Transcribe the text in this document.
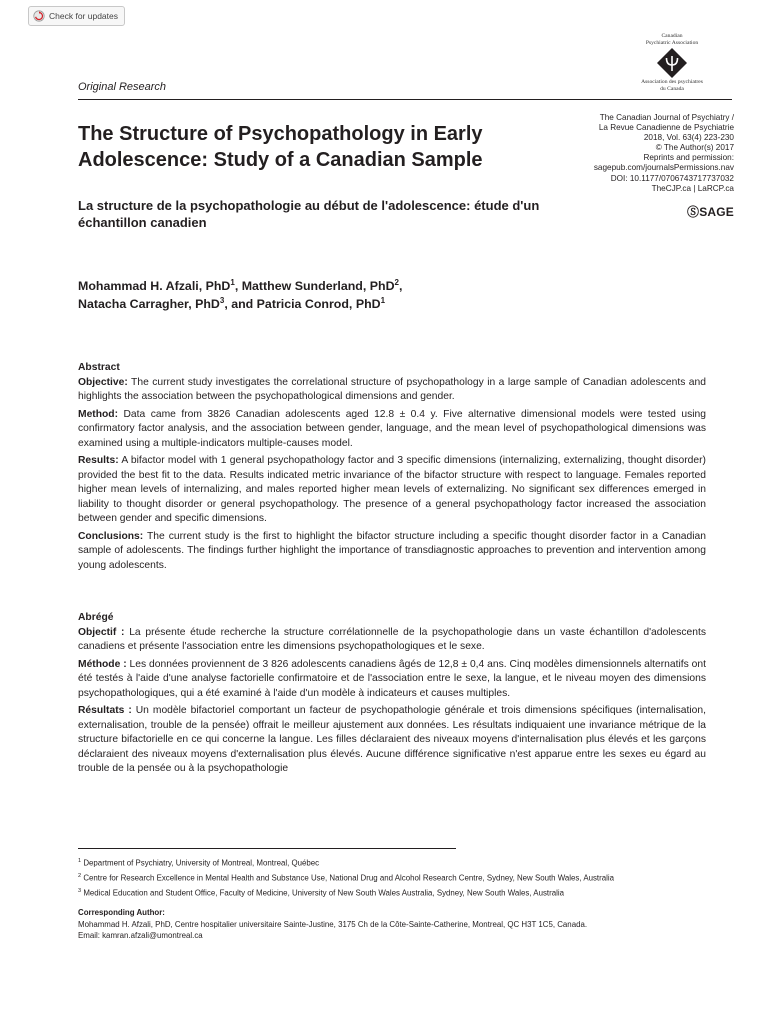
Check for updates
Canadian
Psychiatric Association
Association des psychiatres
du Canada
Original Research
The Structure of Psychopathology in Early Adolescence: Study of a Canadian Sample
La structure de la psychopathologie au début de l'adolescence: étude d'un échantillon canadien
The Canadian Journal of Psychiatry /
La Revue Canadienne de Psychiatrie
2018, Vol. 63(4) 223-230
© The Author(s) 2017
Reprints and permission:
sagepub.com/journalsPermissions.nav
DOI: 10.1177/0706743717737032
TheCJP.ca | LaRCP.ca
ⓈSAGE
Mohammad H. Afzali, PhD$^1$, Matthew Sunderland, PhD$^2$,
Natacha Carragher, PhD$^3$, and Patricia Conrod, PhD$^1$

Abstract

Objective: The current study investigates the correlational structure of psychopathology in a large sample of Canadian adolescents and highlights the association between the psychopathological dimensions and gender.

Method: Data came from 3826 Canadian adolescents aged 12.8 ± 0.4 y. Five alternative dimensional models were tested using confirmatory factor analysis, and the association between gender, language, and the mean level of psychopathological dimensions was examined using a multiple-indicators multiple-causes model.

Results: A bifactor model with 1 general psychopathology factor and 3 specific dimensions (internalizing, externalizing, thought disorder) provided the best fit to the data. Results indicated metric invariance of the bifactor structure with respect to language. Females reported higher mean levels of internalizing, and males reported higher mean levels of externalizing. No significant sex differences emerged in liability to thought disorder or general psychopathology. The presence of a general psychopathology factor increased the association between gender and specific dimensions.

Conclusions: The current study is the first to highlight the bifactor structure including a specific thought disorder factor in a Canadian sample of adolescents. The findings further highlight the importance of transdiagnostic approaches to prevention and intervention among young adolescents.

Abrégé

Objectif : La présente étude recherche la structure corrélationnelle de la psychopathologie dans un vaste échantillon d'adolescents canadiens et présente l'association entre les dimensions psychopathologiques et le sexe.

Méthode : Les données proviennent de 3 826 adolescents canadiens âgés de 12,8 ± 0,4 ans. Cinq modèles dimensionnels alternatifs ont été testés à l'aide d'une analyse factorielle confirmatoire et de l'association entre le sexe, la langue, et le niveau moyen des dimensions psychopathologiques, qui a été examiné à l'aide d'un modèle à indicateurs et causes multiples.

Résultats : Un modèle bifactoriel comportant un facteur de psychopathologie générale et trois dimensions spécifiques (internalisation, externalisation, trouble de la pensée) offrait le meilleur ajustement aux données. Les résultats indiquaient une invariance métrique de la structure bifactorielle en ce qui concerne la langue. Les filles déclaraient des niveaux moyens d'internalisation plus élevés et les garçons déclaraient des niveaux moyens d'externalisation plus élevés. Aucune différence significative n'est apparue entre les sexes eu égard au trouble de la pensée ou à la psychopathologie

$^1$ Department of Psychiatry, University of Montreal, Montreal, Québec
$^2$ Centre for Research Excellence in Mental Health and Substance Use, National Drug and Alcohol Research Centre, Sydney, New South Wales, Australia
$^3$ Medical Education and Student Office, Faculty of Medicine, University of New South Wales Australia, Sydney, New South Wales, Australia
Corresponding Author:
Mohammad H. Afzali, PhD, Centre hospitalier universitaire Sainte-Justine, 3175 Ch de la Côte-Sainte-Catherine, Montreal, QC H3T 1C5, Canada.
Email: kamran.afzali@umontreal.ca
